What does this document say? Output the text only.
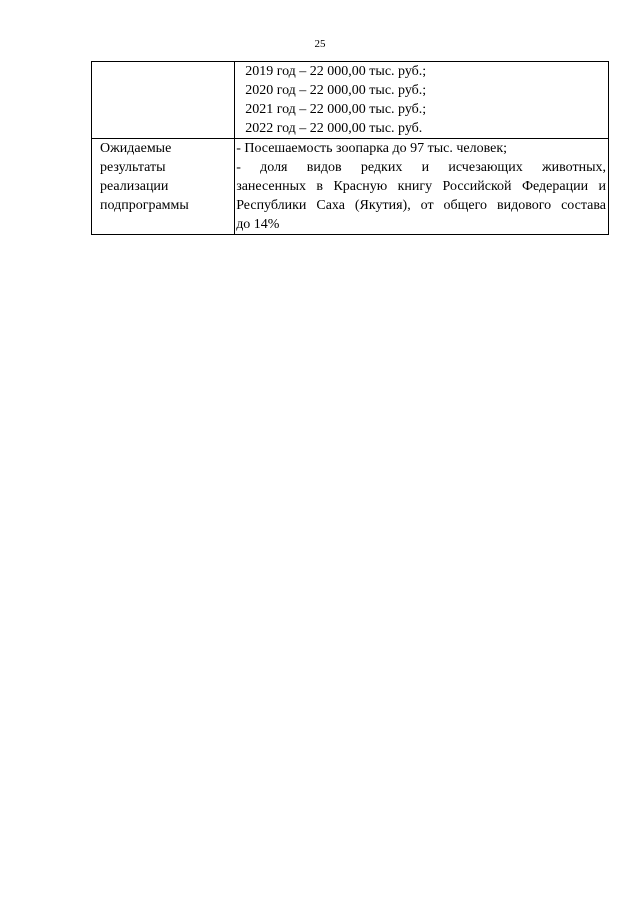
25

	2019 год – 22 000,00 тыс. руб.;
2020 год – 22 000,00 тыс. руб.;
2021 год – 22 000,00 тыс. руб.;
2022 год – 22 000,00 тыс. руб.

Ожидаемые
результаты
реализации
подпрограммы	- Посешаемость зоопарка до 97 тыс. человек;
- доля видов редких и исчезающих животных,
занесенных в Красную книгу Российской Федерации и
Республики Саха (Якутия), от общего видового состава
до 14%
